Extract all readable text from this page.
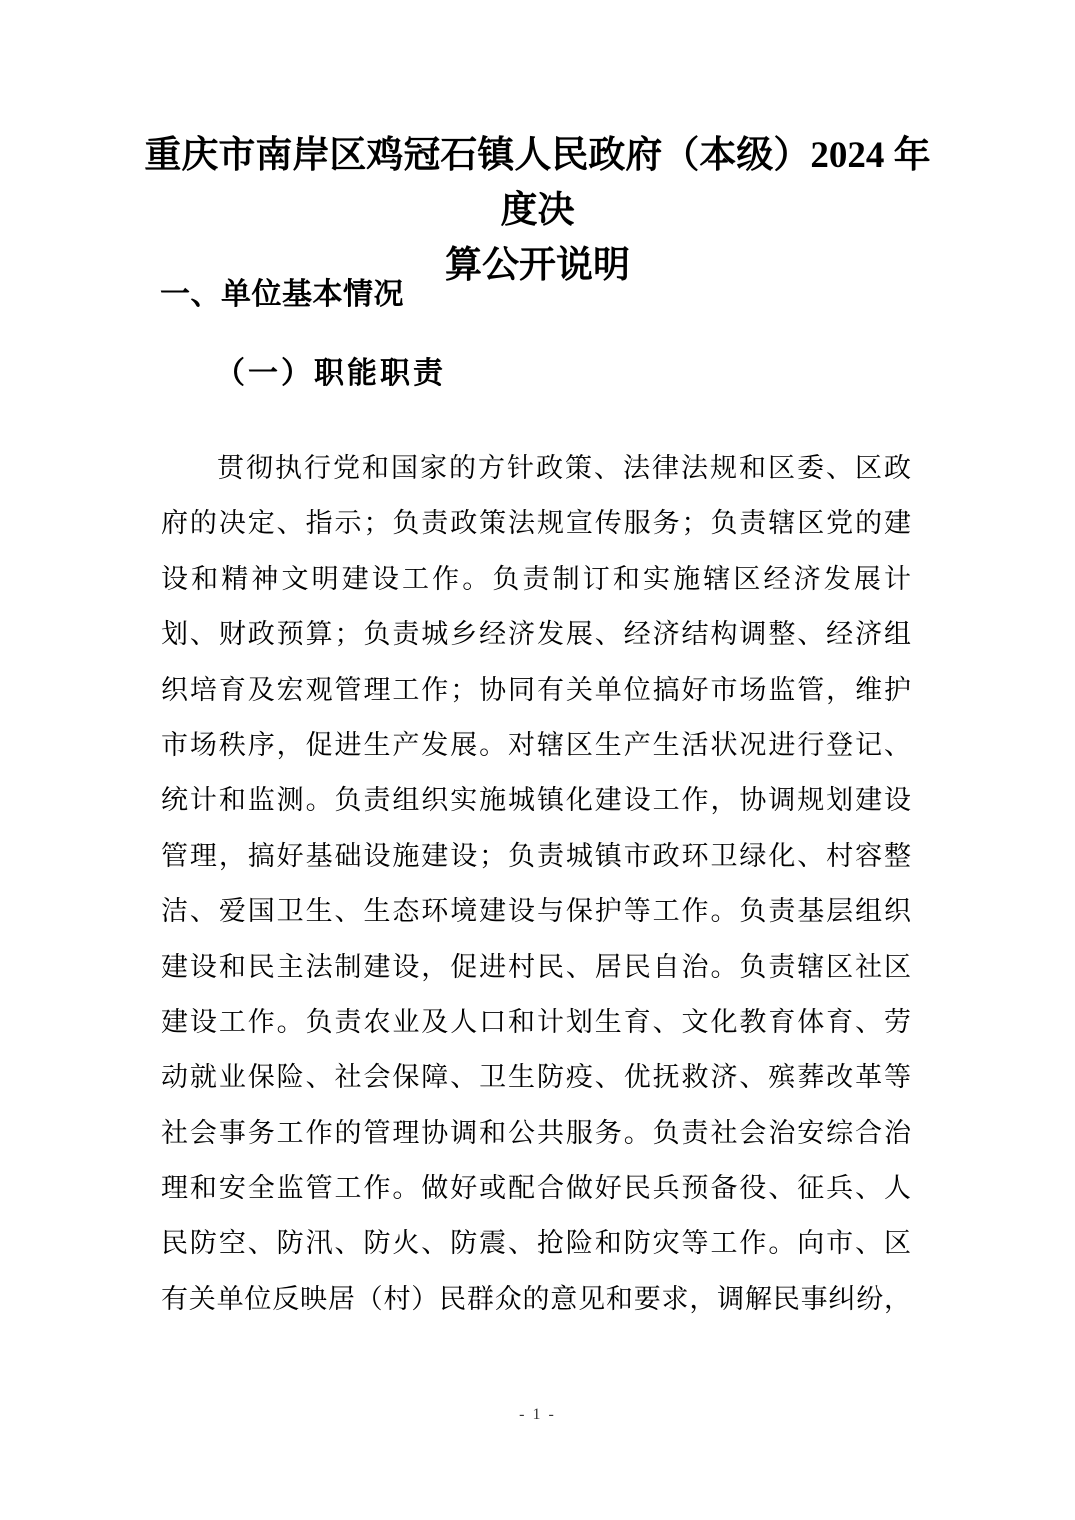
重庆市南岸区鸡冠石镇人民政府（本级）2024 年度决
算公开说明
一、单位基本情况
（一）职能职责
贯彻执行党和国家的方针政策、法律法规和区委、区政
府的决定、指示；负责政策法规宣传服务；负责辖区党的建
设和精神文明建设工作。负责制订和实施辖区经济发展计
划、财政预算；负责城乡经济发展、经济结构调整、经济组
织培育及宏观管理工作；协同有关单位搞好市场监管，维护
市场秩序，促进生产发展。对辖区生产生活状况进行登记、
统计和监测。负责组织实施城镇化建设工作，协调规划建设
管理，搞好基础设施建设；负责城镇市政环卫绿化、村容整
洁、爱国卫生、生态环境建设与保护等工作。负责基层组织
建设和民主法制建设，促进村民、居民自治。负责辖区社区
建设工作。负责农业及人口和计划生育、文化教育体育、劳
动就业保险、社会保障、卫生防疫、优抚救济、殡葬改革等
社会事务工作的管理协调和公共服务。负责社会治安综合治
理和安全监管工作。做好或配合做好民兵预备役、征兵、人
民防空、防汛、防火、防震、抢险和防灾等工作。向市、区
有关单位反映居（村）民群众的意见和要求，调解民事纠纷，
- 1 -
